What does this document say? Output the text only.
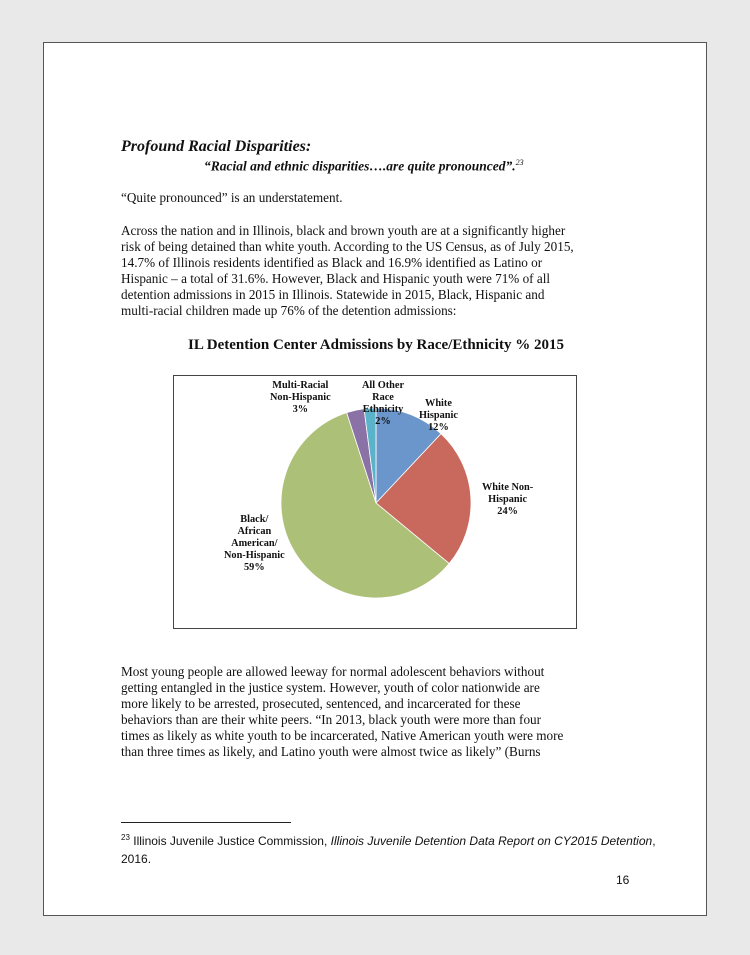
Profound Racial Disparities:

“Racial and ethnic disparities….are quite pronounced”.$^{23}$

“Quite pronounced” is an understatement.

Across the nation and in Illinois, black and brown youth are at a significantly higher
risk of being detained than white youth. According to the US Census, as of July 2015,
14.7% of Illinois residents identified as Black and 16.9% identified as Latino or
Hispanic – a total of 31.6%. However, Black and Hispanic youth were 71% of all
detention admissions in 2015 in Illinois. Statewide in 2015, Black, Hispanic and
multi-racial children made up 76% of the detention admissions:

IL Detention Center Admissions by Race/Ethnicity % 2015

White
Hispanic
12%
White Non-
Hispanic
24%
Black/
African
American/
Non-Hispanic
59%
Multi-Racial
Non-Hispanic
3%
All Other
Race
Ethnicity
2%

Most young people are allowed leeway for normal adolescent behaviors without
getting entangled in the justice system. However, youth of color nationwide are
more likely to be arrested, prosecuted, sentenced, and incarcerated for these
behaviors than are their white peers. “In 2013, black youth were more than four
times as likely as white youth to be incarcerated, Native American youth were more
than three times as likely, and Latino youth were almost twice as likely” (Burns

$^{23}$ Illinois Juvenile Justice Commission, Illinois Juvenile Detention Data Report on CY2015 Detention, 2016.

16
